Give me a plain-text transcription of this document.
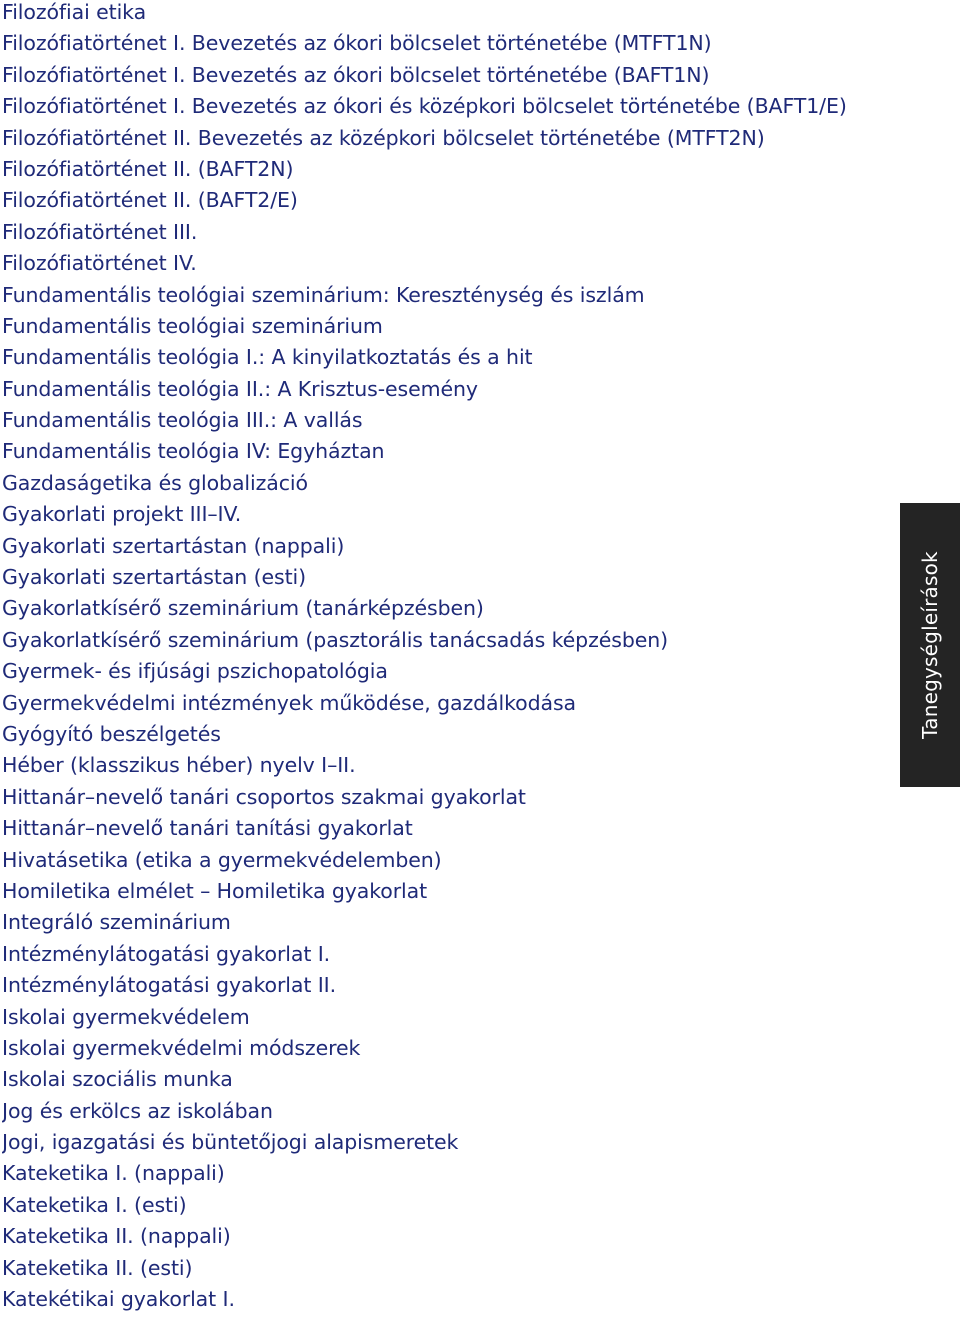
Filozófiai etika
Filozófiatörténet I. Bevezetés az ókori bölcselet történetébe (MTFT1N)
Filozófiatörténet I. Bevezetés az ókori bölcselet történetébe (BAFT1N)
Filozófiatörténet I. Bevezetés az ókori és középkori bölcselet történetébe (BAFT1/E)
Filozófiatörténet II. Bevezetés az középkori bölcselet történetébe (MTFT2N)
Filozófiatörténet II. (BAFT2N)
Filozófiatörténet II. (BAFT2/E)
Filozófiatörténet III.
Filozófiatörténet IV.
Fundamentális teológiai szeminárium: Kereszténység és iszlám
Fundamentális teológiai szeminárium
Fundamentális teológia I.: A kinyilatkoztatás és a hit
Fundamentális teológia II.: A Krisztus-esemény
Fundamentális teológia III.: A vallás
Fundamentális teológia IV: Egyháztan
Gazdaságetika és globalizáció
Gyakorlati projekt III–IV.
Gyakorlati szertartástan (nappali)
Gyakorlati szertartástan (esti)
Gyakorlatkísérő szeminárium (tanárképzésben)
Gyakorlatkísérő szeminárium (pasztorális tanácsadás képzésben)
Gyermek- és ifjúsági pszichopatológia
Gyermekvédelmi intézmények működése, gazdálkodása
Gyógyító beszélgetés
Héber (klasszikus héber) nyelv I–II.
Hittanár–nevelő tanári csoportos szakmai gyakorlat
Hittanár–nevelő tanári tanítási gyakorlat
Hivatásetika (etika a gyermekvédelemben)
Homiletika elmélet – Homiletika gyakorlat
Integráló szeminárium
Intézménylátogatási gyakorlat I.
Intézménylátogatási gyakorlat II.
Iskolai gyermekvédelem
Iskolai gyermekvédelmi módszerek
Iskolai szociális munka
Jog és erkölcs az iskolában
Jogi, igazgatási és büntetőjogi alapismeretek
Kateketika I. (nappali)
Kateketika I. (esti)
Kateketika II. (nappali)
Kateketika II. (esti)
Katekétikai gyakorlat I.
Tanegységleírások
